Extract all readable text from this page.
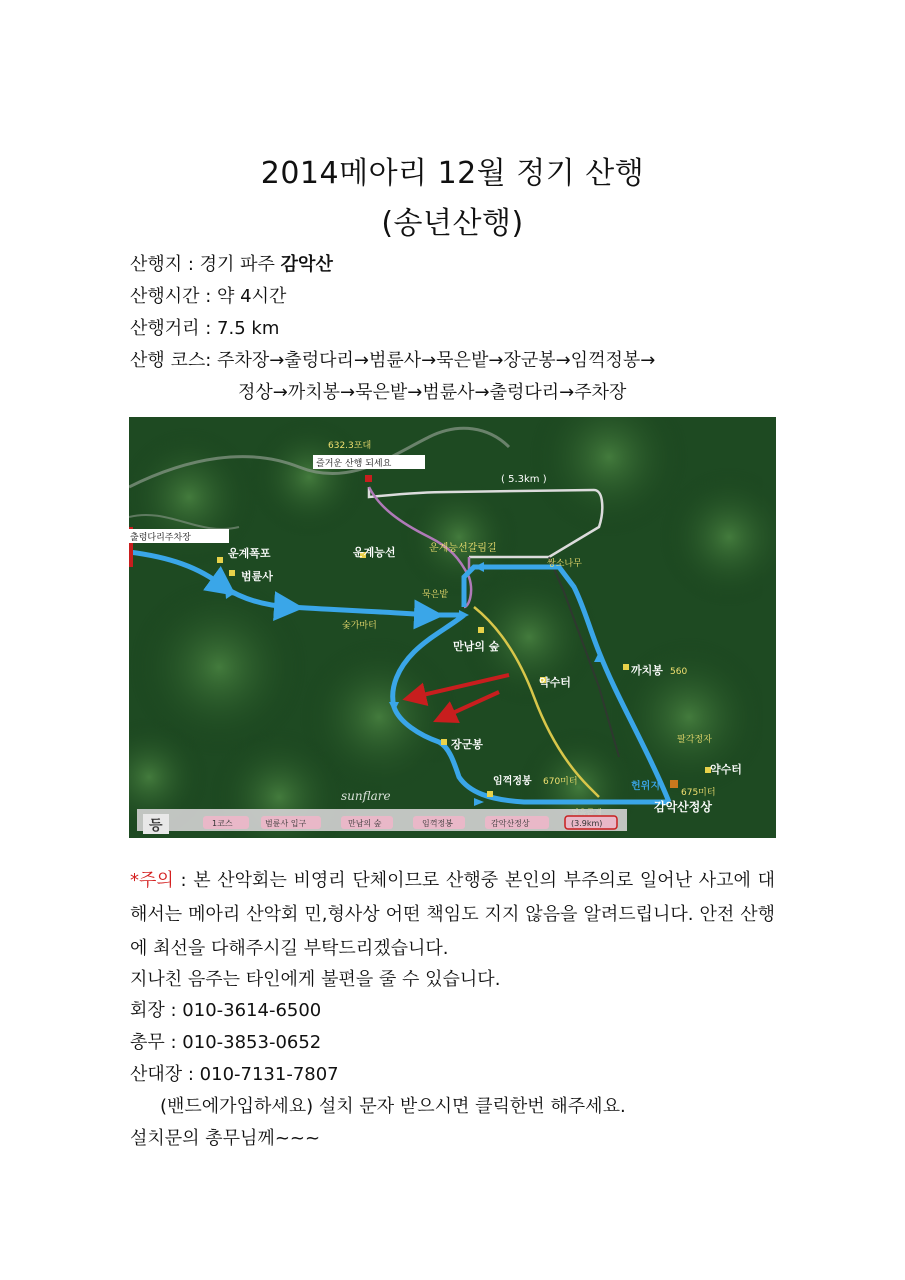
2014메아리 12월 정기 산행
(송년산행)
산행지 : 경기 파주 감악산
산행시간 : 약 4시간
산행거리 : 7.5 km
산행 코스: 주차장→출렁다리→범륜사→묵은밭→장군봉→임꺽정봉→
정상→까치봉→묵은밭→범륜사→출렁다리→주차장
632.3포대
즐거운 산행 되세요
( 5.3km )
출렁다리주차장
운계폭포
범륜사
운계능선	운계능선갈림길
쌍소나무
묵은밭
숯가마터
만남의 숲
약수터
까치봉 560
장군봉	팔각정자
약수터
임꺽정봉 670미터	헌위지
675미터
감악산정상
sunflare
등	1코스	범륜사 입구	만남의 숲	임꺽정봉	감악산정상	(3.9km)
*주의 : 본 산악회는 비영리 단체이므로 산행중 본인의 부주의로 일어난 사고에 대해서는 메아리 산악회 민,형사상 어떤 책임도 지지 않음을 알려드립니다. 안전 산행에 최선을 다해주시길 부탁드리겠습니다.
지나친 음주는 타인에게 불편을 줄 수 있습니다.
회장 : 010-3614-6500
총무 : 010-3853-0652
산대장 : 010-7131-7807
(밴드에가입하세요) 설치 문자 받으시면 클릭한번 해주세요.
설치문의 총무님께~~~
